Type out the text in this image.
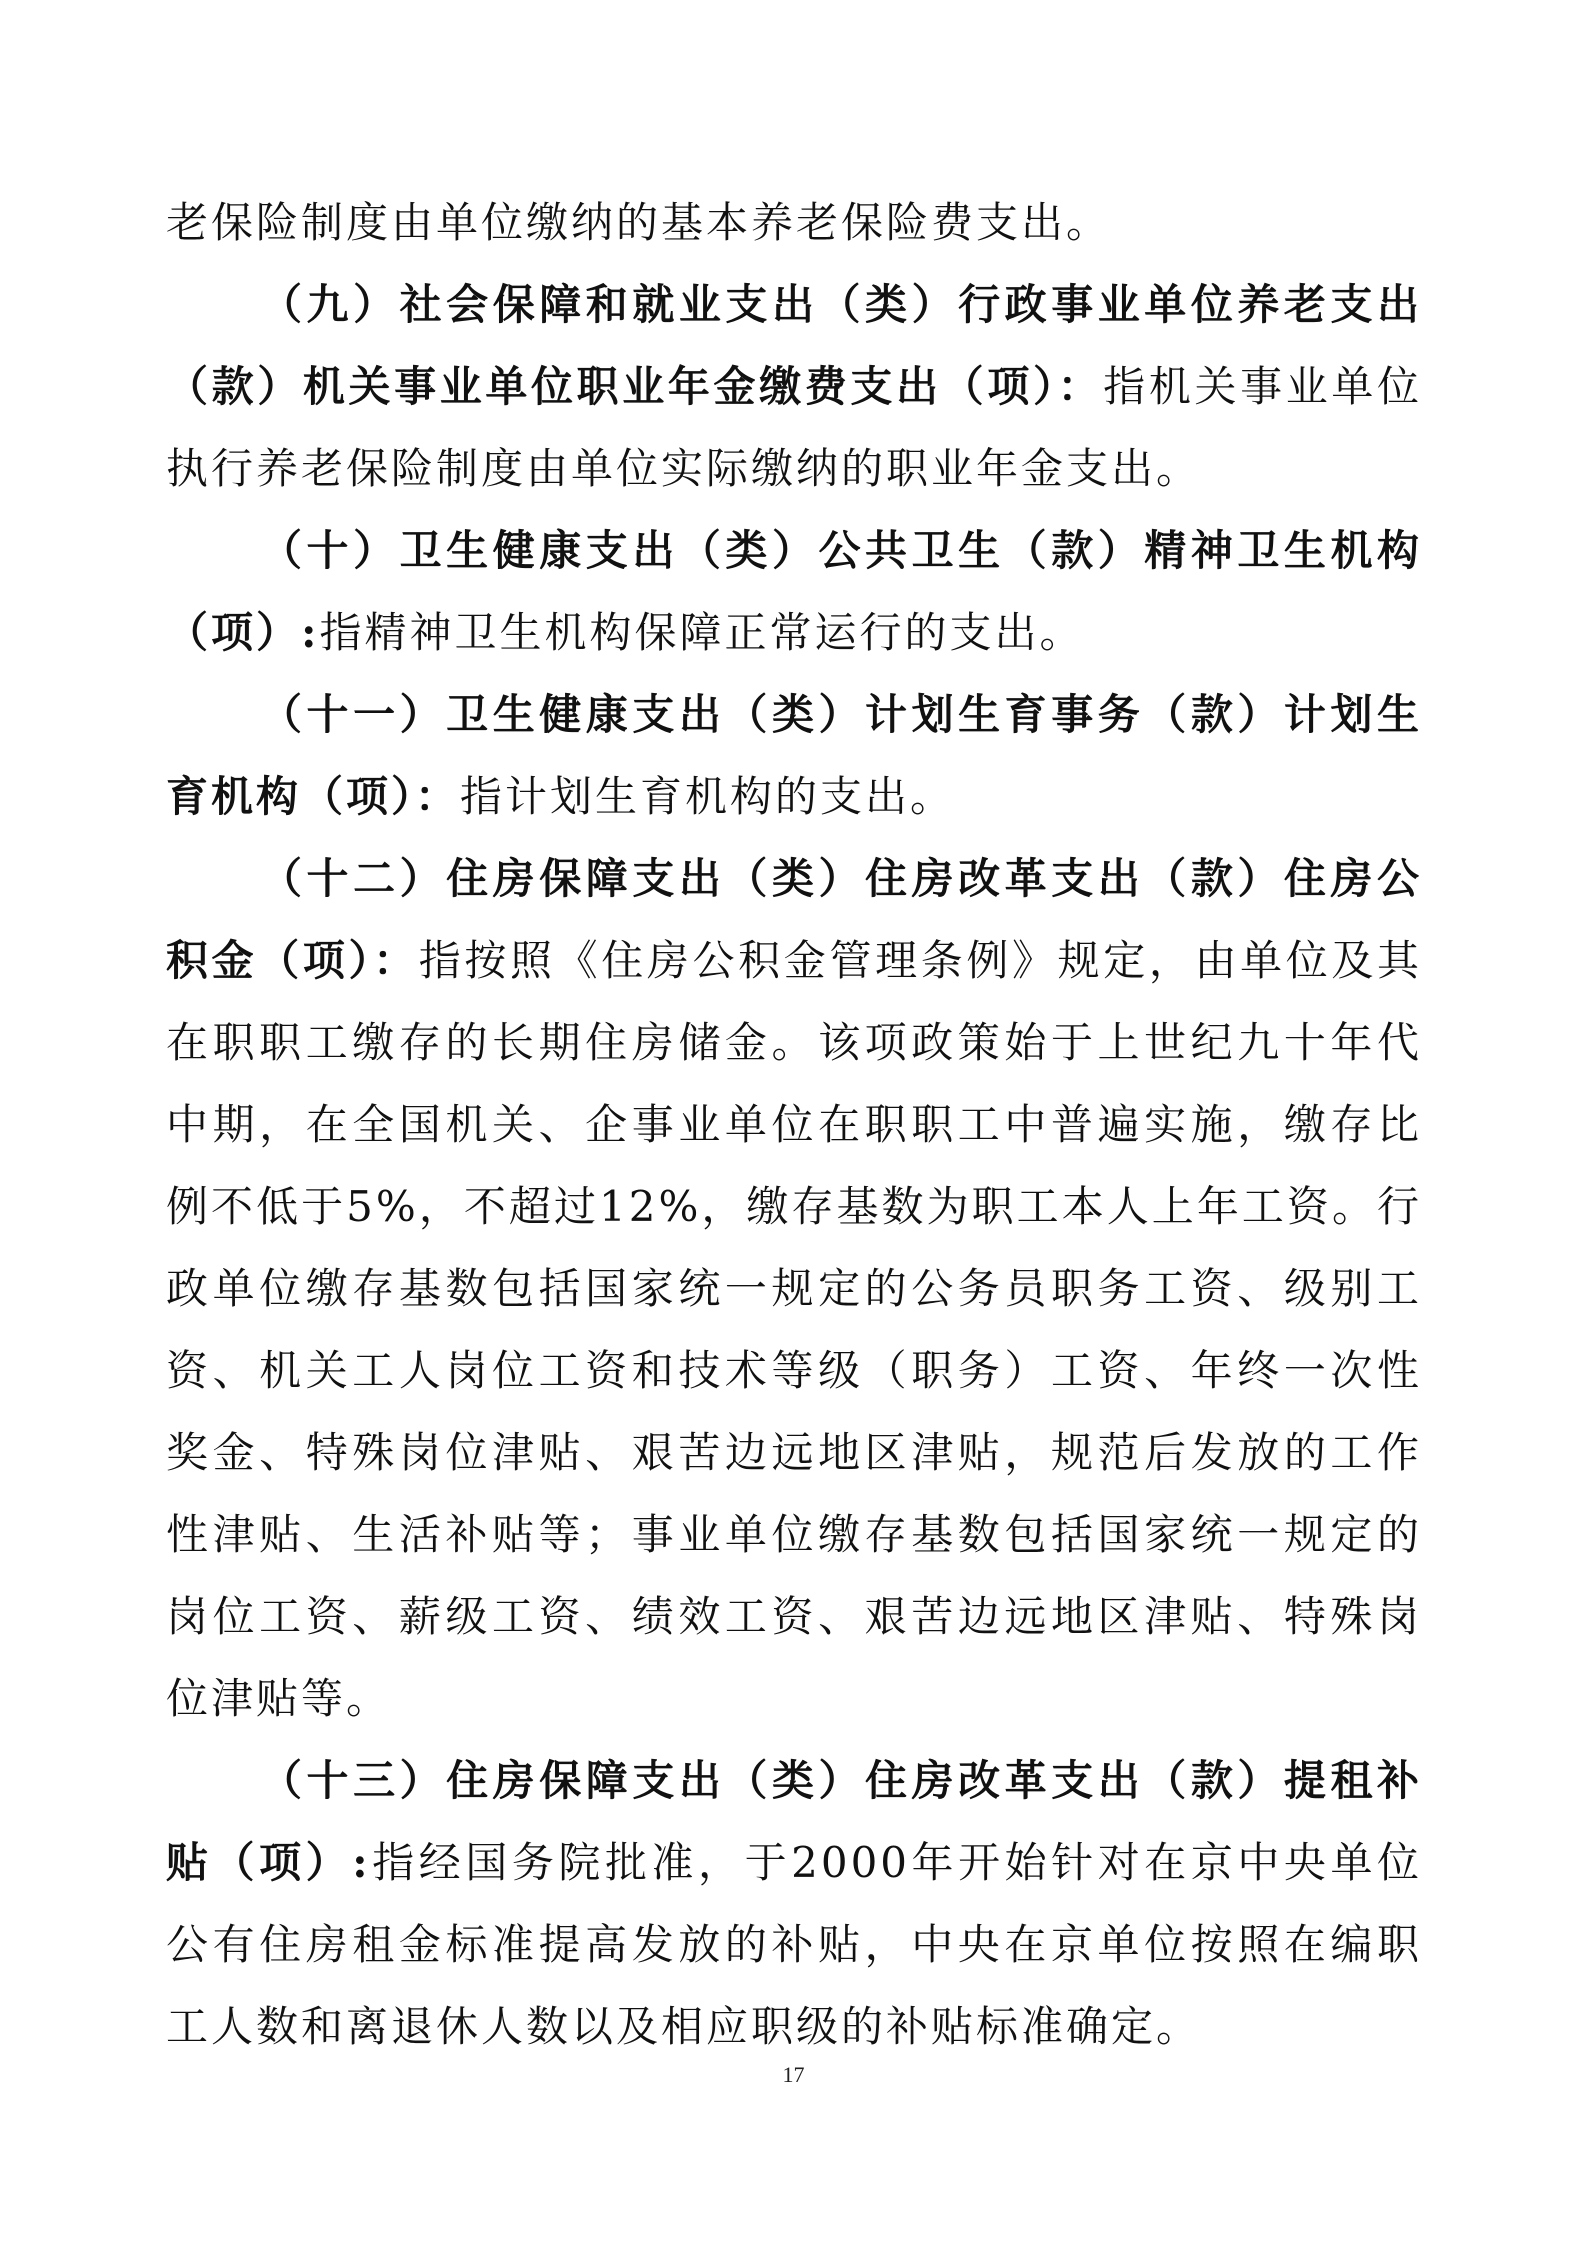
老保险制度由单位缴纳的基本养老保险费支出。

（九）社会保障和就业支出（类）行政事业单位养老支出（款）机关事业单位职业年金缴费支出（项）：指机关事业单位执行养老保险制度由单位实际缴纳的职业年金支出。

（十）卫生健康支出（类）公共卫生（款）精神卫生机构（项）:指精神卫生机构保障正常运行的支出。

（十一）卫生健康支出（类）计划生育事务（款）计划生育机构（项）：指计划生育机构的支出。

（十二）住房保障支出（类）住房改革支出（款）住房公积金（项）：指按照《住房公积金管理条例》规定，由单位及其在职职工缴存的长期住房储金。该项政策始于上世纪九十年代中期，在全国机关、企事业单位在职职工中普遍实施，缴存比例不低于5%，不超过12%，缴存基数为职工本人上年工资。行政单位缴存基数包括国家统一规定的公务员职务工资、级别工资、机关工人岗位工资和技术等级（职务）工资、年终一次性奖金、特殊岗位津贴、艰苦边远地区津贴，规范后发放的工作性津贴、生活补贴等；事业单位缴存基数包括国家统一规定的岗位工资、薪级工资、绩效工资、艰苦边远地区津贴、特殊岗位津贴等。

（十三）住房保障支出（类）住房改革支出（款）提租补贴（项）:指经国务院批准，于2000年开始针对在京中央单位公有住房租金标准提高发放的补贴，中央在京单位按照在编职工人数和离退休人数以及相应职级的补贴标准确定。

17
